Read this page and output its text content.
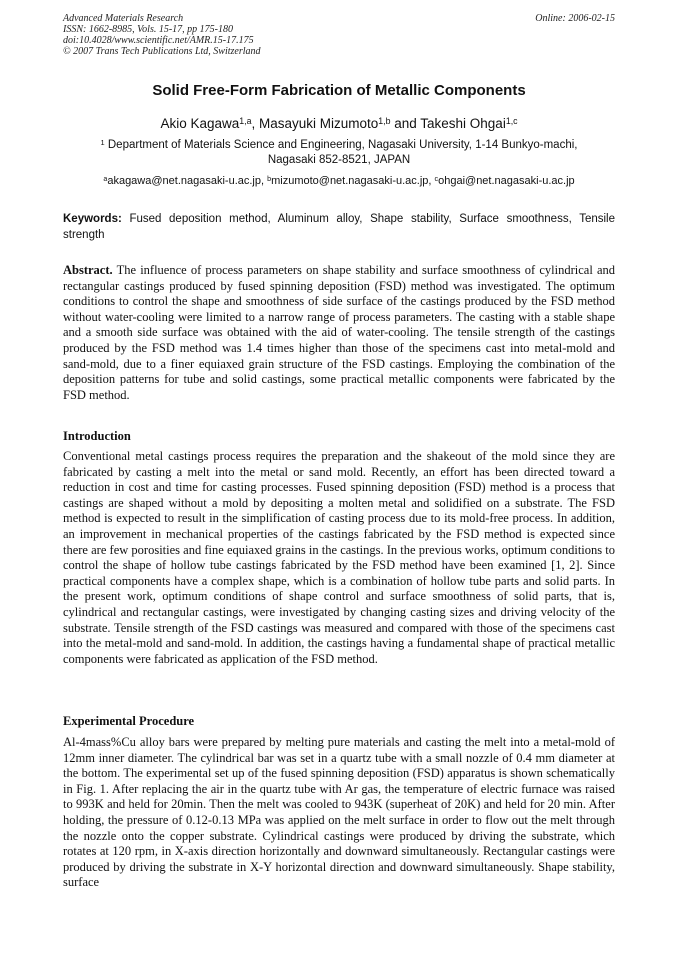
Advanced Materials Research
ISSN: 1662-8985, Vols. 15-17, pp 175-180
doi:10.4028/www.scientific.net/AMR.15-17.175
© 2007 Trans Tech Publications Ltd, Switzerland
Online: 2006-02-15
Solid Free-Form Fabrication of Metallic Components
Akio Kagawa$^{1,a}$, Masayuki Mizumoto$^{1,b}$ and Takeshi Ohgai$^{1,c}$
$^1$ Department of Materials Science and Engineering, Nagasaki University, 1-14 Bunkyo-machi,
Nagasaki 852-8521, JAPAN
$^a$akagawa@net.nagasaki-u.ac.jp, $^b$mizumoto@net.nagasaki-u.ac.jp, $^c$ohgai@net.nagasaki-u.ac.jp
Keywords: Fused deposition method, Aluminum alloy, Shape stability, Surface smoothness, Tensile strength
Abstract. The influence of process parameters on shape stability and surface smoothness of cylindrical and rectangular castings produced by fused spinning deposition (FSD) method was investigated. The optimum conditions to control the shape and smoothness of side surface of the castings produced by the FSD method without water-cooling were limited to a narrow range of process parameters. The casting with a stable shape and a smooth side surface was obtained with the aid of water-cooling. The tensile strength of the castings produced by the FSD method was 1.4 times higher than those of the specimens cast into metal-mold and sand-mold, due to a finer equiaxed grain structure of the FSD castings. Employing the combination of the deposition patterns for tube and solid castings, some practical metallic components were fabricated by the FSD method.
Introduction
Conventional metal castings process requires the preparation and the shakeout of the mold since they are fabricated by casting a melt into the metal or sand mold. Recently, an effort has been directed toward a reduction in cost and time for casting processes. Fused spinning deposition (FSD) method is a process that castings are shaped without a mold by depositing a molten metal and solidified on a substrate. The FSD method is expected to result in the simplification of casting process due to its mold-free process. In addition, an improvement in mechanical properties of the castings fabricated by the FSD method is expected since there are few porosities and fine equiaxed grains in the castings. In the previous works, optimum conditions to control the shape of hollow tube castings fabricated by the FSD method have been examined [1, 2]. Since practical components have a complex shape, which is a combination of hollow tube parts and solid parts. In the present work, optimum conditions of shape control and surface smoothness of solid parts, that is, cylindrical and rectangular castings, were investigated by changing casting sizes and driving velocity of the substrate. Tensile strength of the FSD castings was measured and compared with those of the specimens cast into the metal-mold and sand-mold. In addition, the castings having a fundamental shape of practical metallic components were fabricated as application of the FSD method.
Experimental Procedure
Al-4mass%Cu alloy bars were prepared by melting pure materials and casting the melt into a metal-mold of 12mm inner diameter. The cylindrical bar was set in a quartz tube with a small nozzle of 0.4 mm diameter at the bottom. The experimental set up of the fused spinning deposition (FSD) apparatus is shown schematically in Fig. 1. After replacing the air in the quartz tube with Ar gas, the temperature of electric furnace was raised to 993K and held for 20min. Then the melt was cooled to 943K (superheat of 20K) and held for 20 min. After holding, the pressure of 0.12-0.13 MPa was applied on the melt surface in order to flow out the melt through the nozzle onto the copper substrate. Cylindrical castings were produced by driving the substrate, which rotates at 120 rpm, in X-axis direction horizontally and downward simultaneously. Rectangular castings were produced by driving the substrate in X-Y horizontal direction and downward simultaneously. Shape stability, surface
